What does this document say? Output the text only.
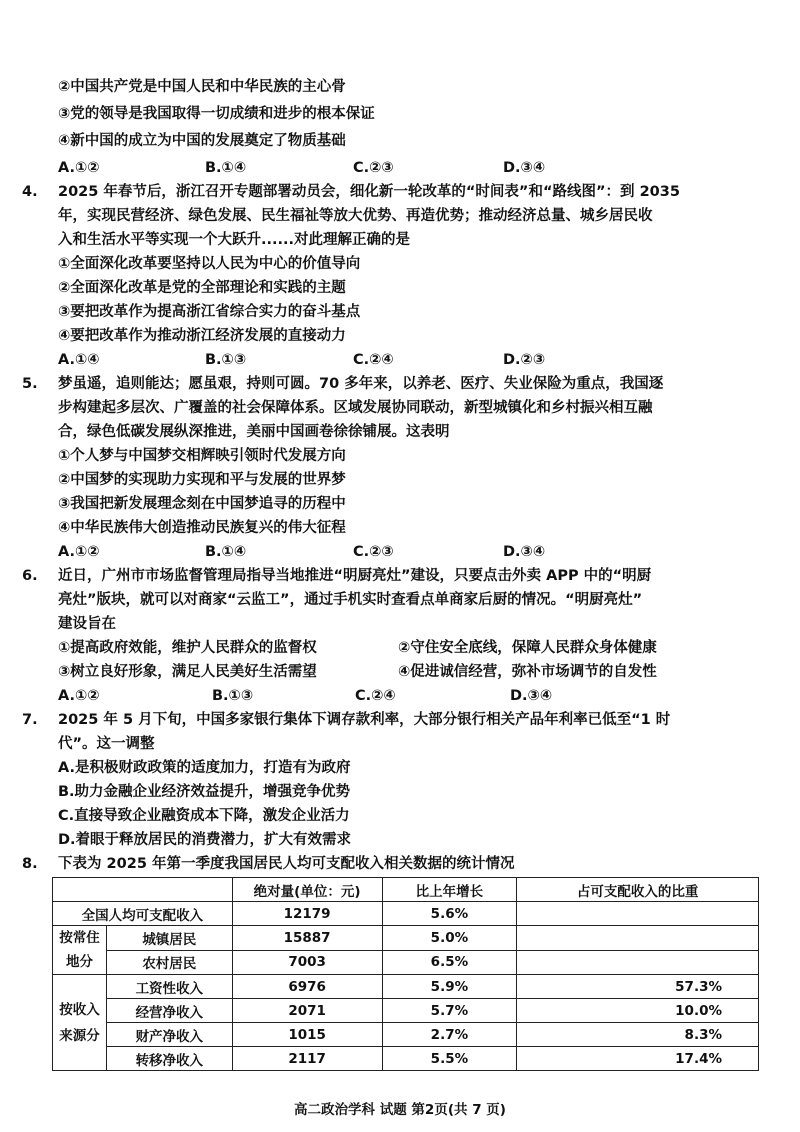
②中国共产党是中国人民和中华民族的主心骨
③党的领导是我国取得一切成绩和进步的根本保证
④新中国的成立为中国的发展奠定了物质基础
A.①②	B.①④	C.②③	D.③④
4. 2025 年春节后，浙江召开专题部署动员会，细化新一轮改革的“时间表”和“路线图”：到 2035
年，实现民营经济、绿色发展、民生福祉等放大优势、再造优势；推动经济总量、城乡居民收
入和生活水平等实现一个大跃升......对此理解正确的是
①全面深化改革要坚持以人民为中心的价值导向
②全面深化改革是党的全部理论和实践的主题
③要把改革作为提高浙江省综合实力的奋斗基点
④要把改革作为推动浙江经济发展的直接动力
A.①④	B.①③	C.②④	D.②③
5. 梦虽遥，追则能达；愿虽艰，持则可圆。70 多年来，以养老、医疗、失业保险为重点，我国逐
步构建起多层次、广覆盖的社会保障体系。区域发展协同联动，新型城镇化和乡村振兴相互融
合，绿色低碳发展纵深推进，美丽中国画卷徐徐铺展。这表明
①个人梦与中国梦交相辉映引领时代发展方向
②中国梦的实现助力实现和平与发展的世界梦
③我国把新发展理念刻在中国梦追寻的历程中
④中华民族伟大创造推动民族复兴的伟大征程
A.①②	B.①④	C.②③	D.③④
6. 近日，广州市市场监督管理局指导当地推进“明厨亮灶”建设，只要点击外卖 APP 中的“明厨
亮灶”版块，就可以对商家“云监工”，通过手机实时查看点单商家后厨的情况。“明厨亮灶”
建设旨在
①提高政府效能，维护人民群众的监督权	②守住安全底线，保障人民群众身体健康
③树立良好形象，满足人民美好生活需望	④促进诚信经营，弥补市场调节的自发性
A.①②	B.①③	C.②④	D.③④
7. 2025 年 5 月下旬，中国多家银行集体下调存款利率，大部分银行相关产品年利率已低至“1 时
代”。这一调整
A.是积极财政政策的适度加力，打造有为政府
B.助力金融企业经济效益提升，增强竞争优势
C.直接导致企业融资成本下降，激发企业活力
D.着眼于释放居民的消费潜力，扩大有效需求
8. 下表为 2025 年第一季度我国居民人均可支配收入相关数据的统计情况
		绝对量(单位：元)	比上年增长	占可支配收入的比重
全国人均可支配收入		12179	5.6%	
按常住
地分	城镇居民	15887	5.0%	
	农村居民	7003	6.5%	
按收入
来源分	工资性收入	6976	5.9%	57.3%
	经营净收入	2071	5.7%	10.0%
	财产净收入	1015	2.7%	8.3%
	转移净收入	2117	5.5%	17.4%
高二政治学科 试题 第2页(共 7 页)
